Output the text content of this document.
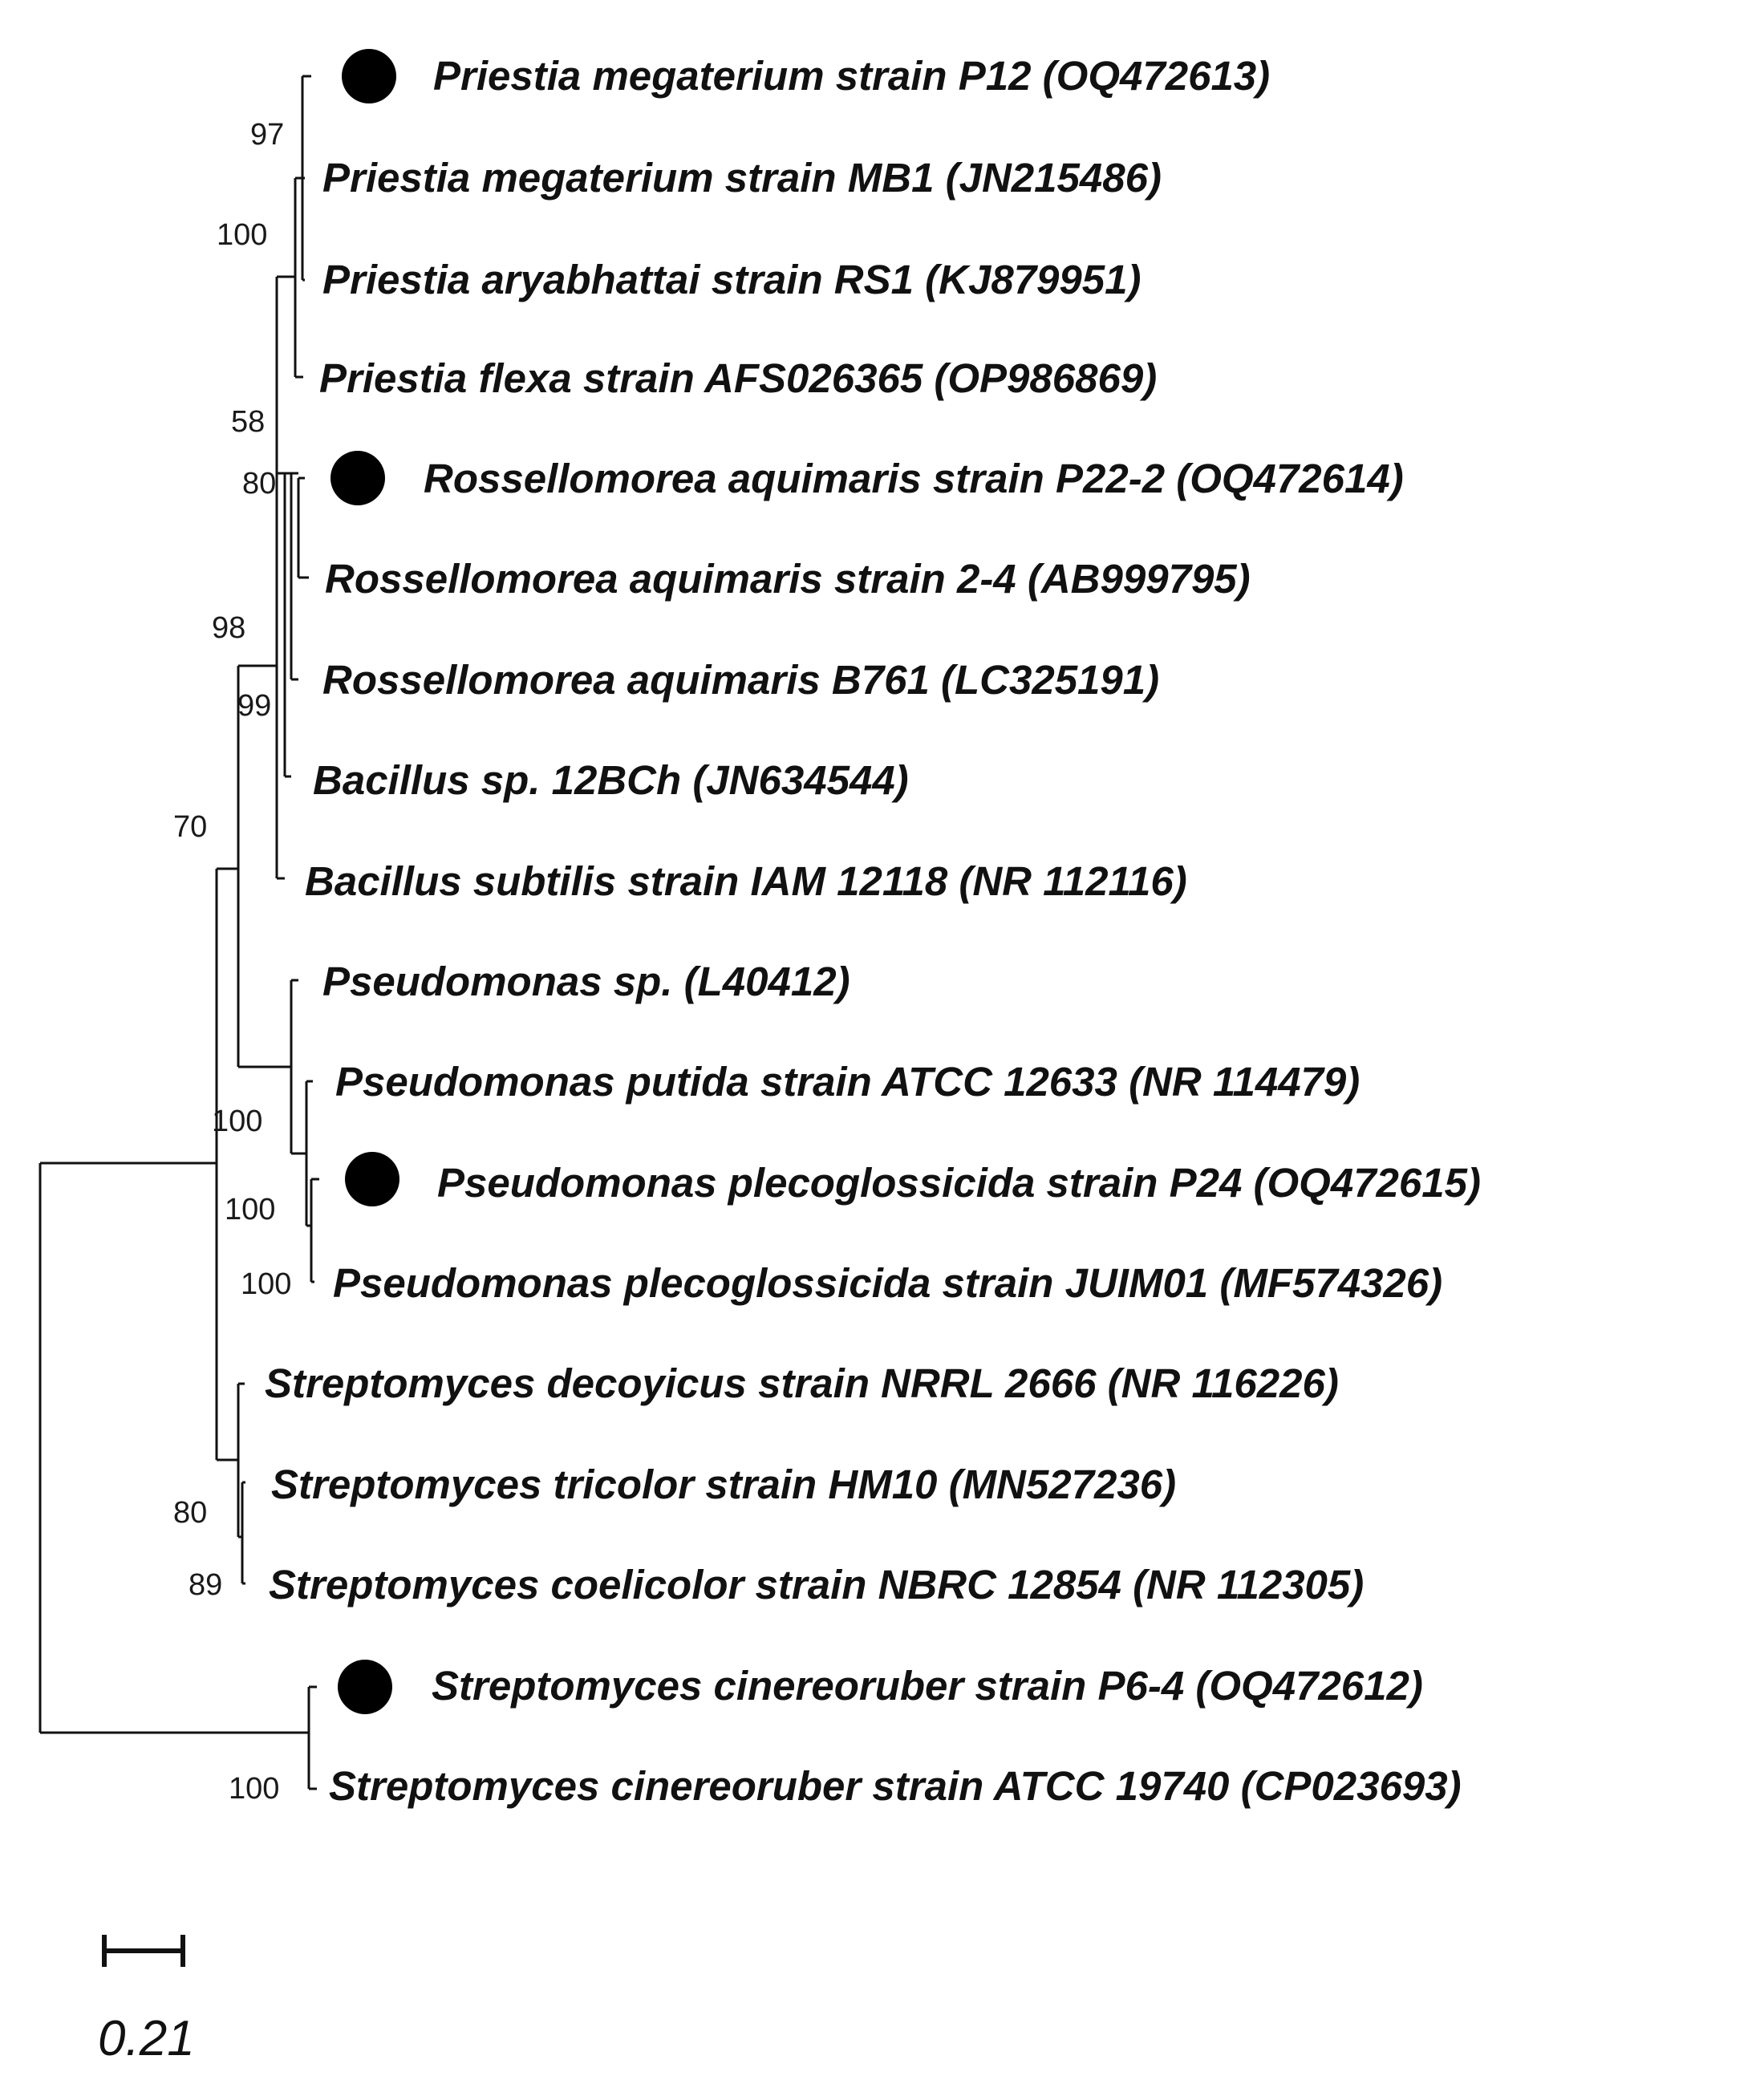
Priestia megaterium strain P12 (OQ472613)
Priestia megaterium strain MB1 (JN215486)
Priestia aryabhattai strain RS1 (KJ879951)
Priestia flexa strain AFS026365 (OP986869)
Rossellomorea aquimaris strain P22-2 (OQ472614)
Rossellomorea aquimaris strain 2-4 (AB999795)
Rossellomorea aquimaris B761 (LC325191)
Bacillus sp. 12BCh (JN634544)
Bacillus subtilis strain IAM 12118 (NR 112116)
Pseudomonas sp. (L40412)
Pseudomonas putida strain ATCC 12633 (NR 114479)
Pseudomonas plecoglossicida strain P24 (OQ472615)
Pseudomonas plecoglossicida strain JUIM01 (MF574326)
Streptomyces decoyicus strain NRRL 2666 (NR 116226)
Streptomyces tricolor strain HM10 (MN527236)
Streptomyces coelicolor strain NBRC 12854 (NR 112305)
Streptomyces cinereoruber strain P6-4 (OQ472612)
Streptomyces cinereoruber strain ATCC 19740 (CP023693)
97
100
58
80
98
99
70
100
100
100
80
89
100
0.21
